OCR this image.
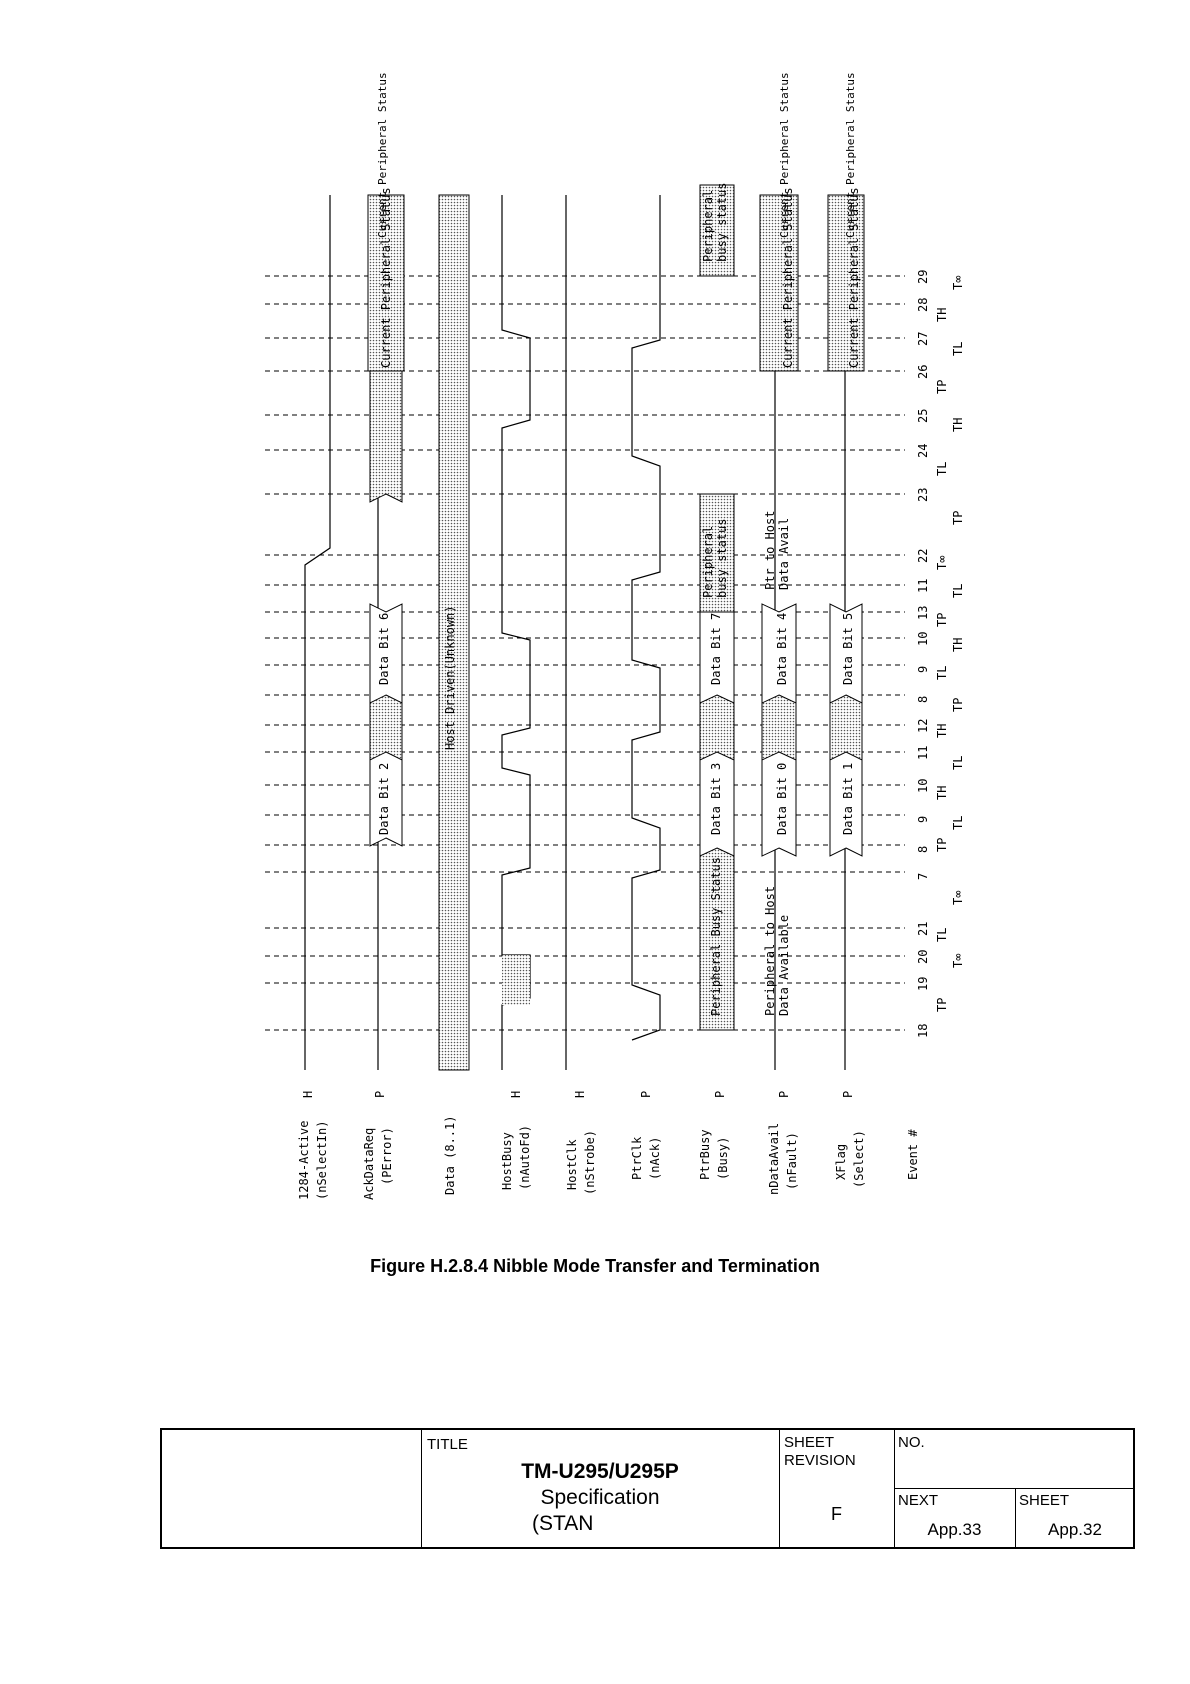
1284-Active (nSelectIn)
H
AckDataReq (PError)
P
Data (8..1)	HostBusy (nAutoFd)
H
HostClk (nStrobe)
H
PtrClk (nAck)
P
PtrBusy (Busy)
P
nDataAvail (nFault)
P
XFlag (Select)
P
Event #
Current Peripheral Status	Current Peripheral Status	Current Peripheral Status
Current Peripheral Status	Current Peripheral Status	Current Peripheral Status
Data Bit 2
Data Bit 6
Data Bit 3
Data Bit 7
Data Bit 0
Data Bit 4
Data Bit 1
Data Bit 5
Host Driven(Unknown)
Peripheral Busy Status
Peripheral busy status
Peripheral busy status
Peripheral to Host Data Available
Ptr to Host Data Avail
18
19
20
21
7
8
9
10
11
12
8
9
10
13
11
22
23
24
25
26
27
28
29
TP
T∞
TL
T∞
TP
TL
TH
TL
TH
TP
TL
TH
TP
TL
T∞
TP
TL
TH
TP
TL
TH
T∞
Figure H.2.8.4 Nibble Mode Transfer and Termination
TITLE
TM-U295/U295P
Specification
(STAN
SHEET
REVISION
F
NO.
NEXT
App.33
SHEET
App.32
